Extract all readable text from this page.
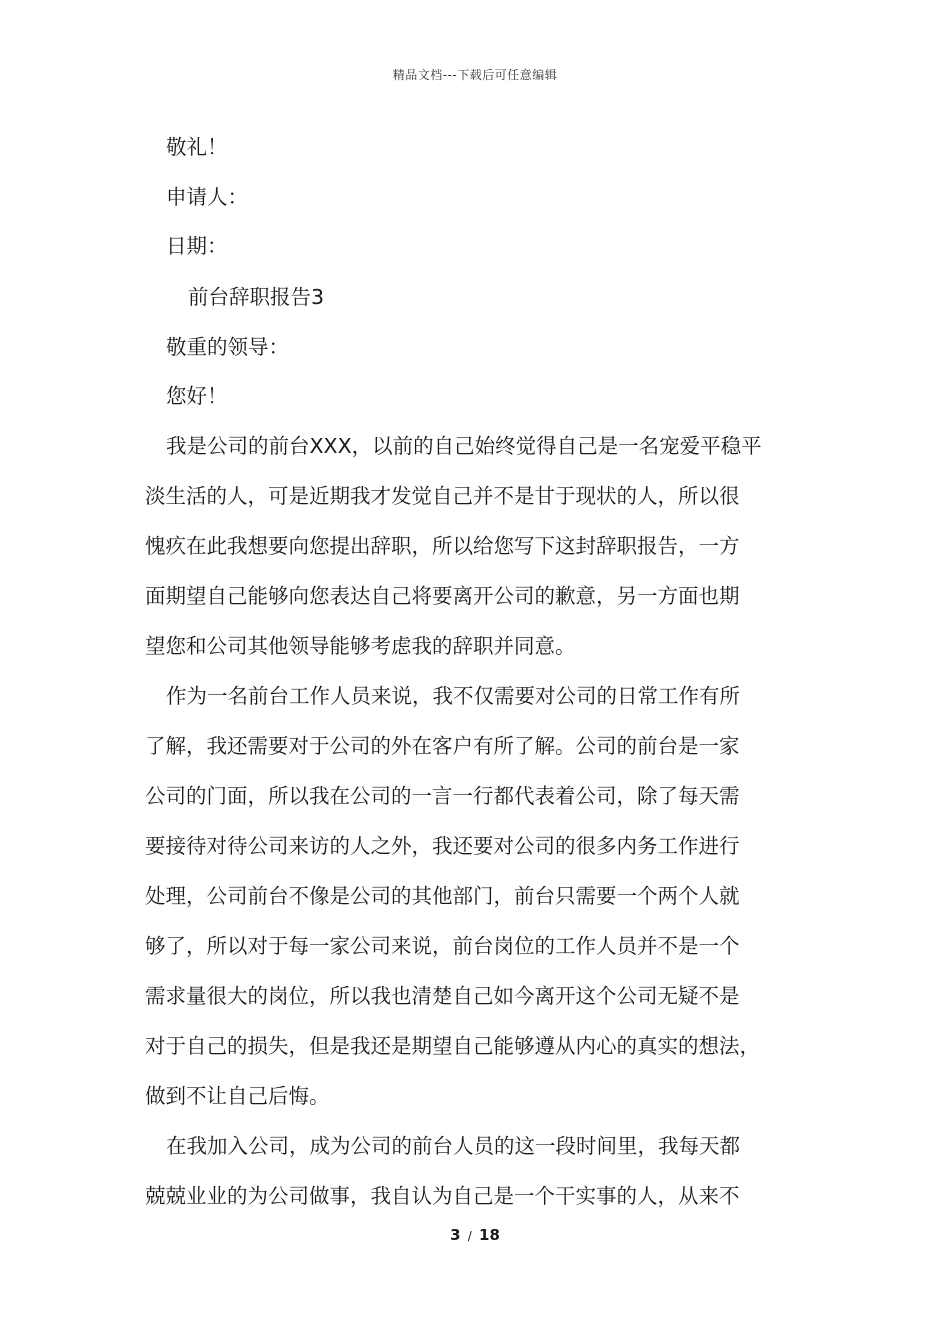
精品文档---下载后可任意编辑
敬礼！
申请人：
日期：
前台辞职报告3
敬重的领导：
您好！
我是公司的前台XXX，以前的自己始终觉得自己是一名宠爱平稳平
淡生活的人，可是近期我才发觉自己并不是甘于现状的人，所以很
愧疚在此我想要向您提出辞职，所以给您写下这封辞职报告，一方
面期望自己能够向您表达自己将要离开公司的歉意，另一方面也期
望您和公司其他领导能够考虑我的辞职并同意。
作为一名前台工作人员来说，我不仅需要对公司的日常工作有所
了解，我还需要对于公司的外在客户有所了解。公司的前台是一家
公司的门面，所以我在公司的一言一行都代表着公司，除了每天需
要接待对待公司来访的人之外，我还要对公司的很多内务工作进行
处理，公司前台不像是公司的其他部门，前台只需要一个两个人就
够了，所以对于每一家公司来说，前台岗位的工作人员并不是一个
需求量很大的岗位，所以我也清楚自己如今离开这个公司无疑不是
对于自己的损失，但是我还是期望自己能够遵从内心的真实的想法，
做到不让自己后悔。
在我加入公司，成为公司的前台人员的这一段时间里，我每天都
兢兢业业的为公司做事，我自认为自己是一个干实事的人，从来不
3 / 18
